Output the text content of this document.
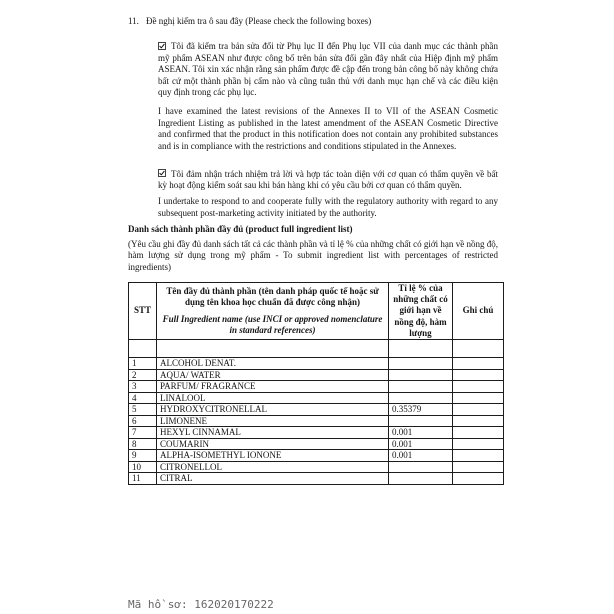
11. Đề nghị kiểm tra ô sau đây (Please check the following boxes)
Tôi đã kiểm tra bản sửa đổi từ Phụ lục II đến Phụ lục VII của danh mục các thành phần mỹ phẩm ASEAN như được công bố trên bản sửa đổi gần đây nhất của Hiệp định mỹ phẩm ASEAN. Tôi xin xác nhận rằng sản phẩm được đề cập đến trong bản công bố này không chứa bất cứ một thành phần bị cấm nào và cũng tuân thủ với danh mục hạn chế và các điều kiện quy định trong các phụ lục.
I have examined the latest revisions of the Annexes II to VII of the ASEAN Cosmetic Ingredient Listing as published in the latest amendment of the ASEAN Cosmetic Directive and confirmed that the product in this notification does not contain any prohibited substances and is in compliance with the restrictions and conditions stipulated in the Annexes.
Tôi đảm nhận trách nhiệm trả lời và hợp tác toàn diện với cơ quan có thẩm quyền về bất kỳ hoạt động kiểm soát sau khi bán hàng khi có yêu cầu bởi cơ quan có thẩm quyền.
I undertake to respond to and cooperate fully with the regulatory authority with regard to any subsequent post-marketing activity initiated by the authority.
Danh sách thành phần đầy đủ (product full ingredient list)
(Yêu cầu ghi đầy đủ danh sách tất cả các thành phần và tỉ lệ % của những chất có giới hạn về nồng độ, hàm lượng sử dụng trong mỹ phẩm - To submit ingredient list with percentages of restricted ingredients)
STT	Tên đầy đủ thành phần (tên danh pháp quốc tế hoặc sử dụng tên khoa học chuẩn đã được công nhận)
Full Ingredient name (use INCI or approved nomenclature in standard references)	Tỉ lệ % của những chất có giới hạn về nồng độ, hàm lượng	Ghi chú

1	ALCOHOL DENAT.		
2	AQUA/ WATER		
3	PARFUM/ FRAGRANCE		
4	LINALOOL		
5	HYDROXYCITRONELLAL	0.35379	
6	LIMONENE		
7	HEXYL CINNAMAL	0.001	
8	COUMARIN	0.001	
9	ALPHA-ISOMETHYL IONONE	0.001	
10	CITRONELLOL		
11	CITRAL		
Mã hồ sơ: 162020170222
